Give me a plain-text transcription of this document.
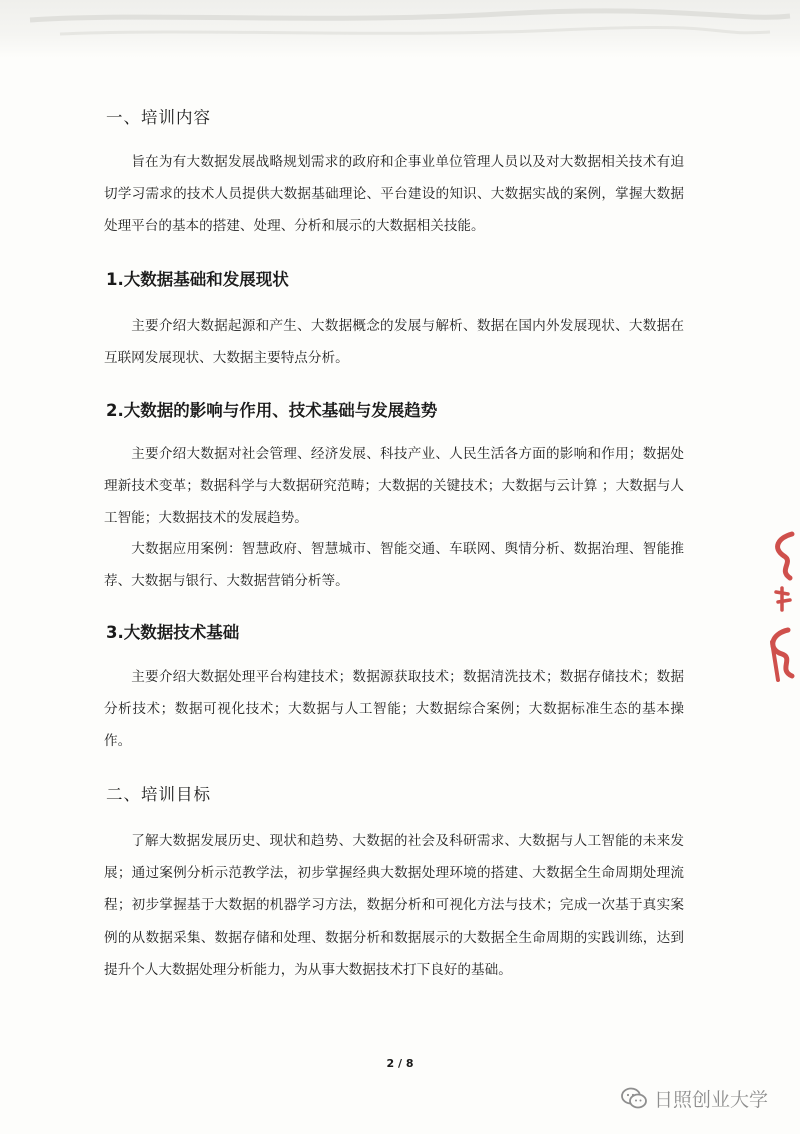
一、培训内容
旨在为有大数据发展战略规划需求的政府和企事业单位管理人员以及对大数据相关技术有迫切学习需求的技术人员提供大数据基础理论、平台建设的知识、大数据实战的案例，掌握大数据处理平台的基本的搭建、处理、分析和展示的大数据相关技能。
1.大数据基础和发展现状
主要介绍大数据起源和产生、大数据概念的发展与解析、数据在国内外发展现状、大数据在互联网发展现状、大数据主要特点分析。
2.大数据的影响与作用、技术基础与发展趋势
主要介绍大数据对社会管理、经济发展、科技产业、人民生活各方面的影响和作用；数据处理新技术变革；数据科学与大数据研究范畴；大数据的关键技术；大数据与云计算 ；大数据与人工智能；大数据技术的发展趋势。
大数据应用案例：智慧政府、智慧城市、智能交通、车联网、舆情分析、数据治理、智能推荐、大数据与银行、大数据营销分析等。
3.大数据技术基础
主要介绍大数据处理平台构建技术；数据源获取技术；数据清洗技术；数据存储技术；数据分析技术；数据可视化技术；大数据与人工智能；大数据综合案例；大数据标准生态的基本操作。
二、培训目标
了解大数据发展历史、现状和趋势、大数据的社会及科研需求、大数据与人工智能的未来发展；通过案例分析示范教学法，初步掌握经典大数据处理环境的搭建、大数据全生命周期处理流程；初步掌握基于大数据的机器学习方法，数据分析和可视化方法与技术；完成一次基于真实案例的从数据采集、数据存储和处理、数据分析和数据展示的大数据全生命周期的实践训练，达到提升个人大数据处理分析能力，为从事大数据技术打下良好的基础。
2 / 8
日照创业大学
